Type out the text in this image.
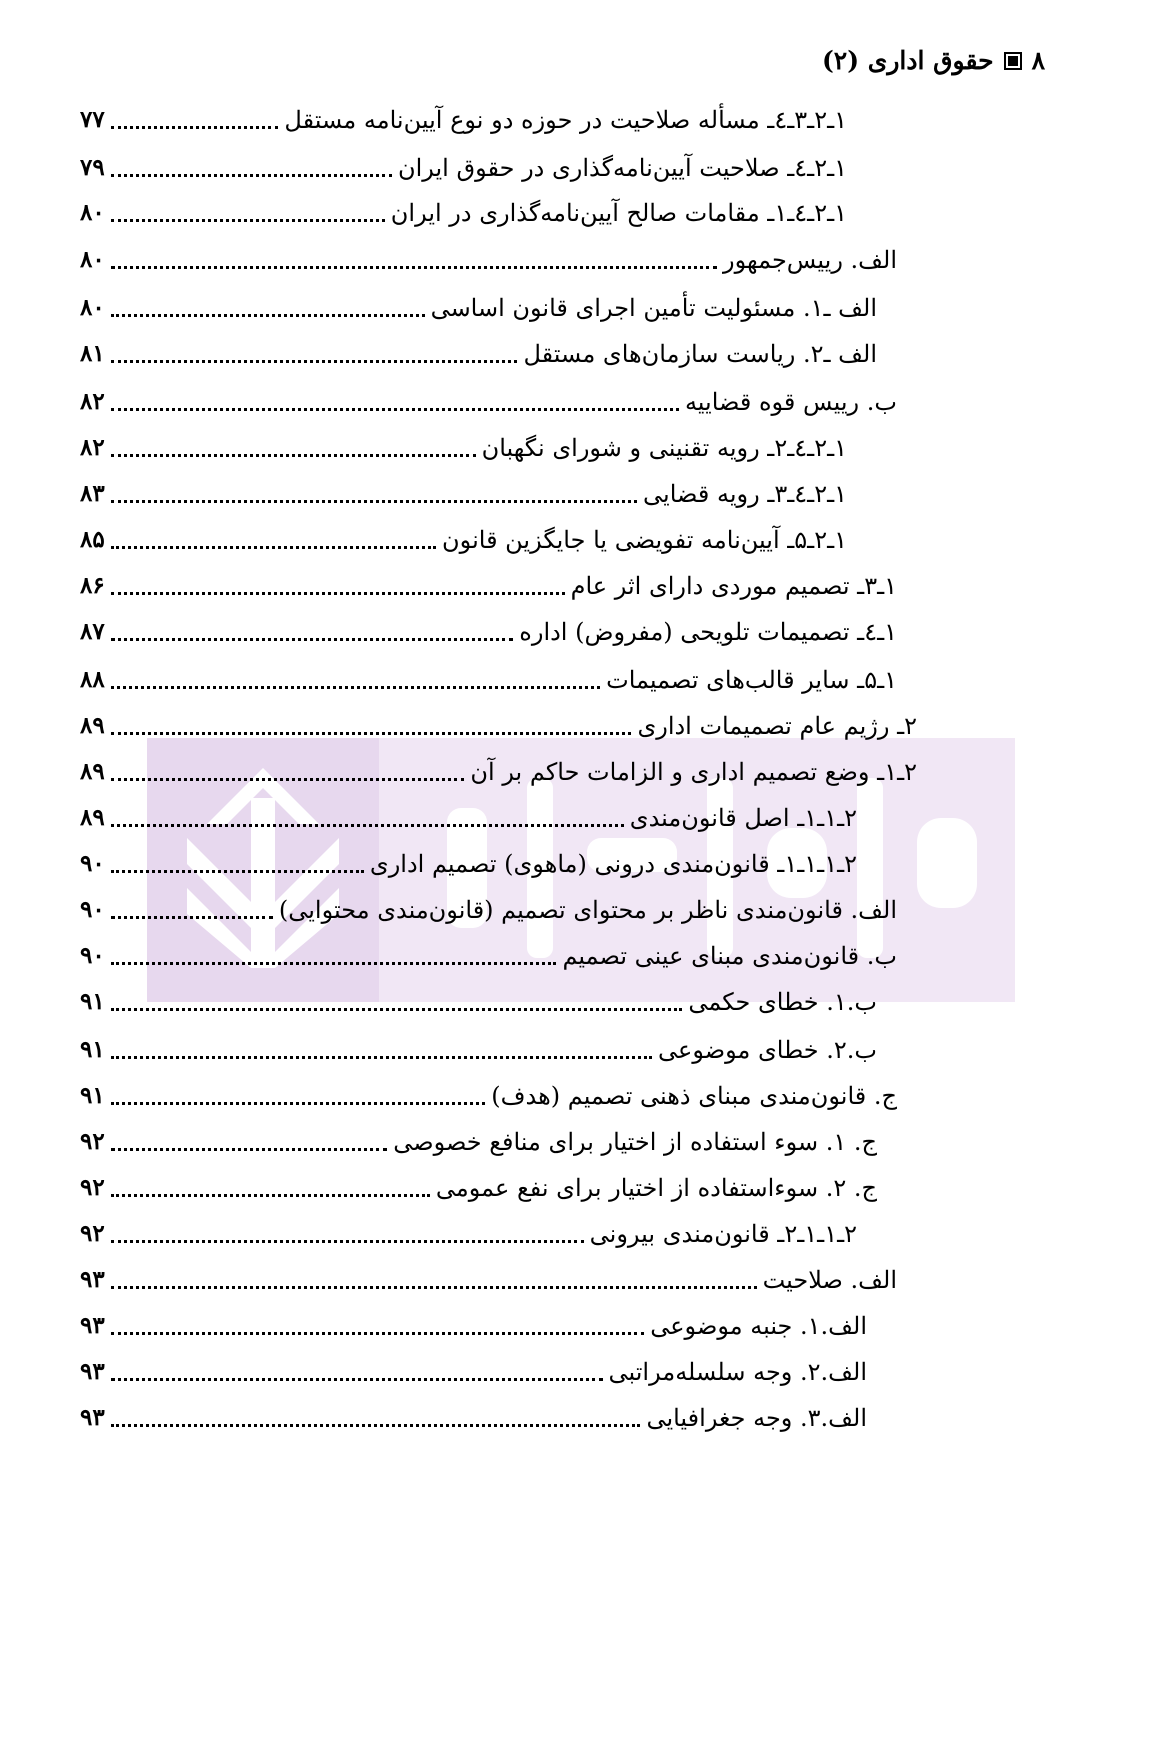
۸
حقوق اداری (۲)
۱ـ۲ـ۳ـ٤ـ مسأله صلاحیت در حوزه دو نوع آیین‌نامه مستقل
۷۷
۱ـ۲ـ٤ـ صلاحیت آیین‌نامه‌گذاری در حقوق ایران
۷۹
۱ـ۲ـ٤ـ۱ـ مقامات صالح آیین‌نامه‌گذاری در ایران
۸۰
الف. رییس‌جمهور
۸۰
الف ـ۱. مسئولیت تأمین اجرای قانون اساسی
۸۰
الف ـ۲. ریاست سازمان‌های مستقل
۸۱
ب. رییس قوه قضاییه
۸۲
۱ـ۲ـ٤ـ۲ـ رویه تقنینی و شورای نگهبان
۸۲
۱ـ۲ـ٤ـ۳ـ رویه قضایی
۸۳
۱ـ۲ـ۵ـ آیین‌نامه تفویضی یا جایگزین قانون
۸۵
۱ـ۳ـ تصمیم موردی دارای اثر عام
۸۶
۱ـ٤ـ تصمیمات تلویحی (مفروض) اداره
۸۷
۱ـ۵ـ سایر قالب‌های تصمیمات
۸۸
۲ـ رژیم عام تصمیمات اداری
۸۹
۲ـ۱ـ وضع تصمیم اداری و الزامات حاکم بر آن
۸۹
۲ـ۱ـ۱ـ اصل قانون‌مندی
۸۹
۲ـ۱ـ۱ـ۱ـ قانون‌مندی درونی (ماهوی) تصمیم اداری
۹۰
الف. قانون‌مندی ناظر بر محتوای تصمیم (قانون‌مندی محتوایی)
۹۰
ب. قانون‌مندی مبنای عینی تصمیم
۹۰
ب.۱. خطای حکمی
۹۱
ب.۲. خطای موضوعی
۹۱
ج. قانون‌مندی مبنای ذهنی تصمیم (هدف)
۹۱
ج. ۱. سوء استفاده از اختیار برای منافع خصوصی
۹۲
ج. ۲. سوءاستفاده از اختیار برای نفع عمومی
۹۲
۲ـ۱ـ۱ـ۲ـ قانون‌مندی بیرونی
۹۲
الف. صلاحیت
۹۳
الف.۱. جنبه موضوعی
۹۳
الف.۲. وجه سلسله‌مراتبی
۹۳
الف.۳. وجه جغرافیایی
۹۳
